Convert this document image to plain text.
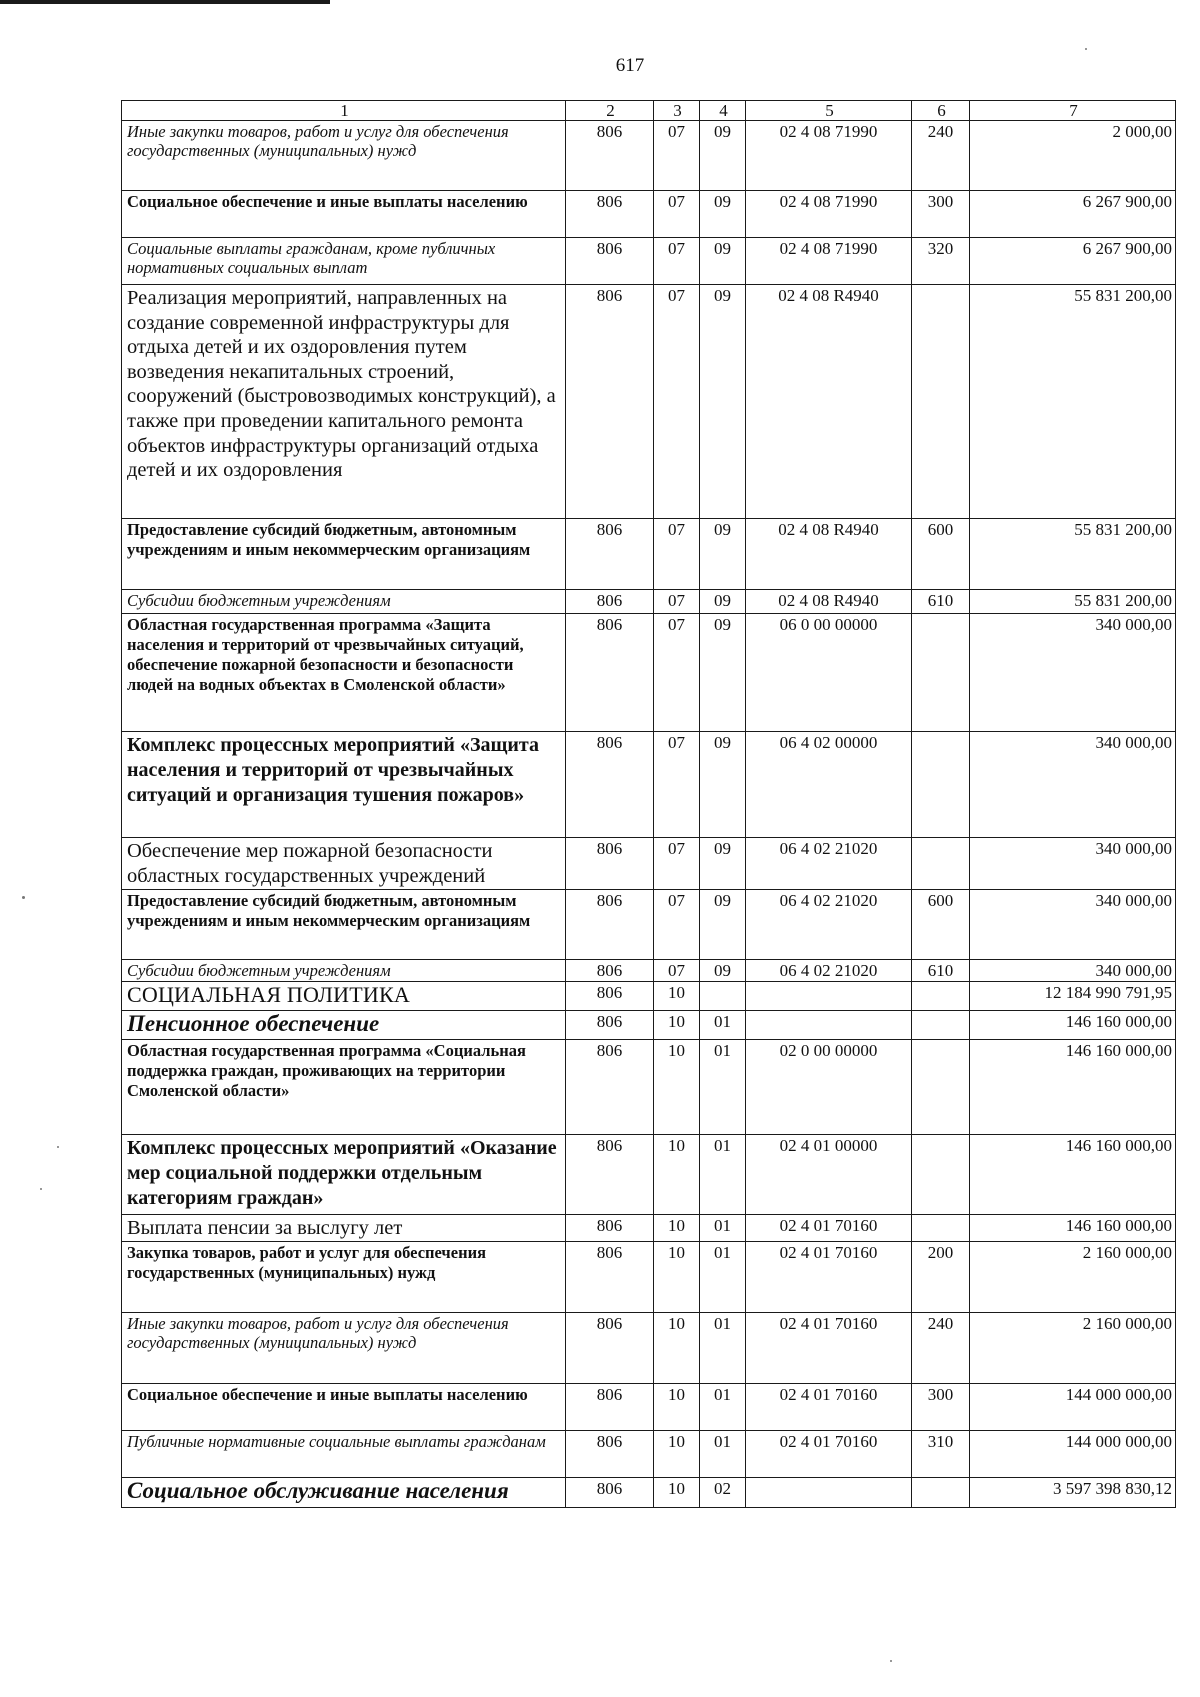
617
1	2	3	4	5	6	7
Иные закупки товаров, работ и услуг для обеспечения государственных (муниципальных) нужд	806	07	09	02 4 08 71990	240	2 000,00
Социальное обеспечение и иные выплаты населению	806	07	09	02 4 08 71990	300	6 267 900,00
Социальные выплаты гражданам, кроме публичных нормативных социальных выплат	806	07	09	02 4 08 71990	320	6 267 900,00
Реализация мероприятий, направленных на создание современной инфраструктуры для отдыха детей и их оздоровления путем возведения некапитальных строений, сооружений (быстровозводимых конструкций), а также при проведении капитального ремонта объектов инфраструктуры организаций отдыха детей и их оздоровления	806	07	09	02 4 08 R4940		55 831 200,00
Предоставление субсидий бюджетным, автономным учреждениям и иным некоммерческим организациям	806	07	09	02 4 08 R4940	600	55 831 200,00
Субсидии бюджетным учреждениям	806	07	09	02 4 08 R4940	610	55 831 200,00
Областная государственная программа «Защита населения и территорий от чрезвычайных ситуаций, обеспечение пожарной безопасности и безопасности людей на водных объектах в Смоленской области»	806	07	09	06 0 00 00000		340 000,00
Комплекс процессных мероприятий «Защита населения и территорий от чрезвычайных ситуаций и организация тушения пожаров»	806	07	09	06 4 02 00000		340 000,00
Обеспечение мер пожарной безопасности областных государственных учреждений	806	07	09	06 4 02 21020		340 000,00
Предоставление субсидий бюджетным, автономным учреждениям и иным некоммерческим организациям	806	07	09	06 4 02 21020	600	340 000,00
Субсидии бюджетным учреждениям	806	07	09	06 4 02 21020	610	340 000,00
СОЦИАЛЬНАЯ ПОЛИТИКА	806	10				12 184 990 791,95
Пенсионное обеспечение	806	10	01			146 160 000,00
Областная государственная программа «Социальная поддержка граждан, проживающих на территории Смоленской области»	806	10	01	02 0 00 00000		146 160 000,00
Комплекс процессных мероприятий «Оказание мер социальной поддержки отдельным категориям граждан»	806	10	01	02 4 01 00000		146 160 000,00
Выплата пенсии за выслугу лет	806	10	01	02 4 01 70160		146 160 000,00
Закупка товаров, работ и услуг для обеспечения государственных (муниципальных) нужд	806	10	01	02 4 01 70160	200	2 160 000,00
Иные закупки товаров, работ и услуг для обеспечения государственных (муниципальных) нужд	806	10	01	02 4 01 70160	240	2 160 000,00
Социальное обеспечение и иные выплаты населению	806	10	01	02 4 01 70160	300	144 000 000,00
Публичные нормативные социальные выплаты гражданам	806	10	01	02 4 01 70160	310	144 000 000,00
Социальное обслуживание населения	806	10	02			3 597 398 830,12
